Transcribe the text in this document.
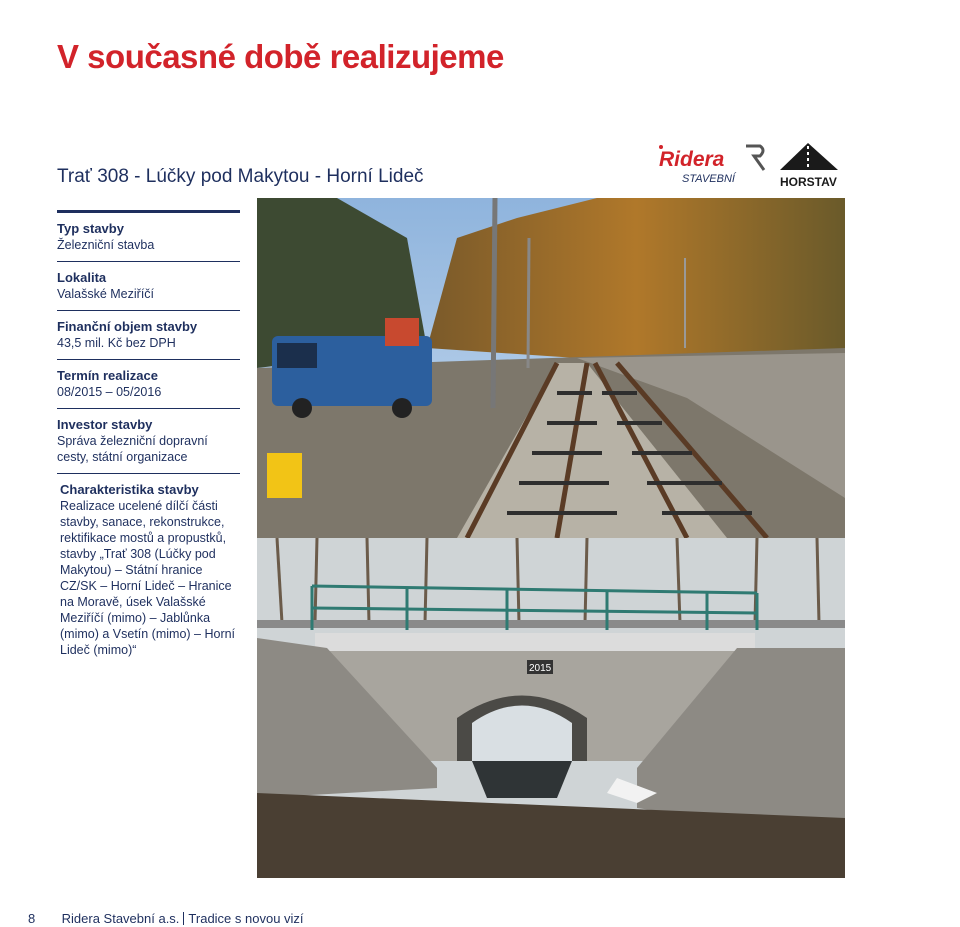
V současné době realizujeme
Trať 308 - Lúčky pod Makytou - Horní Lideč
Ridera
STAVEBNÍ	HORSTAV
Typ stavby
Železniční stavba
Lokalita
Valašské Meziříčí
Finanční objem stavby
43,5 mil. Kč bez DPH
Termín realizace
08/2015 – 05/2016
Investor stavby
Správa železniční dopravní cesty, státní organizace
Charakteristika stavby
Realizace ucelené dílčí části stavby, sanace, rekonstrukce, rektifikace mostů a propustků, stavby „Trať 308 (Lúčky pod Makytou) – Státní hranice CZ/SK – Horní Lideč – Hranice na Moravě, úsek Valašské Meziříčí (mimo) – Jablůnka (mimo) a Vsetín (mimo) – Horní Lideč (mimo)“
2015
8 Ridera Stavební a.s. Tradice s novou vizí
